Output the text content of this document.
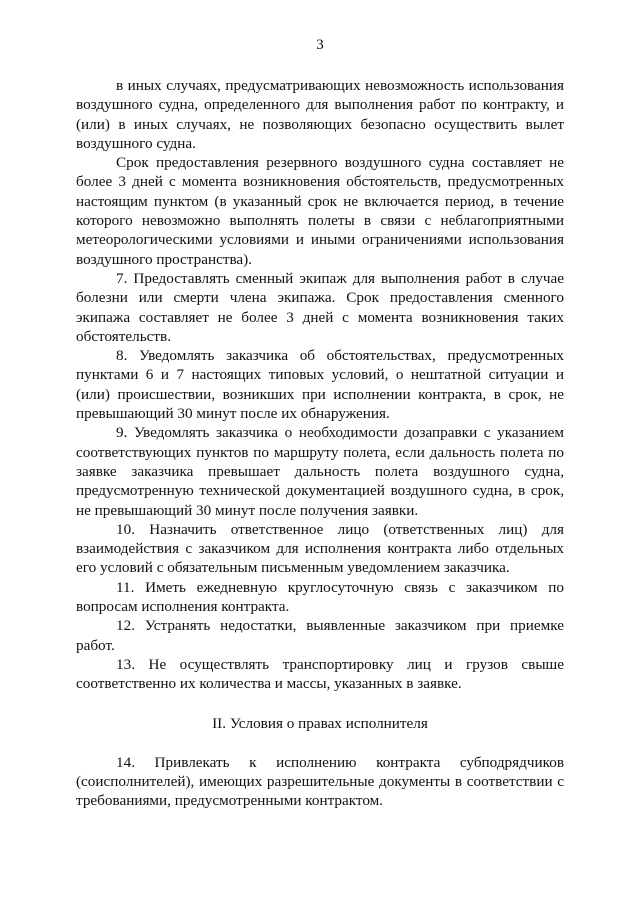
3

в иных случаях, предусматривающих невозможность использования воздушного судна, определенного для выполнения работ по контракту, и (или) в иных случаях, не позволяющих безопасно осуществить вылет воздушного судна.

Срок предоставления резервного воздушного судна составляет не более 3 дней с момента возникновения обстоятельств, предусмотренных настоящим пунктом (в указанный срок не включается период, в течение которого невозможно выполнять полеты в связи с неблагоприятными метеорологическими условиями и иными ограничениями использования воздушного пространства).

7. Предоставлять сменный экипаж для выполнения работ в случае болезни или смерти члена экипажа. Срок предоставления сменного экипажа составляет не более 3 дней с момента возникновения таких обстоятельств.

8. Уведомлять заказчика об обстоятельствах, предусмотренных пунктами 6 и 7 настоящих типовых условий, о нештатной ситуации и (или) происшествии, возникших при исполнении контракта, в срок, не превышающий 30 минут после их обнаружения.

9. Уведомлять заказчика о необходимости дозаправки с указанием соответствующих пунктов по маршруту полета, если дальность полета по заявке заказчика превышает дальность полета воздушного судна, предусмотренную технической документацией воздушного судна, в срок, не превышающий 30 минут после получения заявки.

10. Назначить ответственное лицо (ответственных лиц) для взаимодействия с заказчиком для исполнения контракта либо отдельных его условий с обязательным письменным уведомлением заказчика.

11. Иметь ежедневную круглосуточную связь с заказчиком по вопросам исполнения контракта.

12. Устранять недостатки, выявленные заказчиком при приемке работ.

13. Не осуществлять транспортировку лиц и грузов свыше соответственно их количества и массы, указанных в заявке.

II. Условия о правах исполнителя

14. Привлекать к исполнению контракта субподрядчиков (соисполнителей), имеющих разрешительные документы в соответствии с требованиями, предусмотренными контрактом.
